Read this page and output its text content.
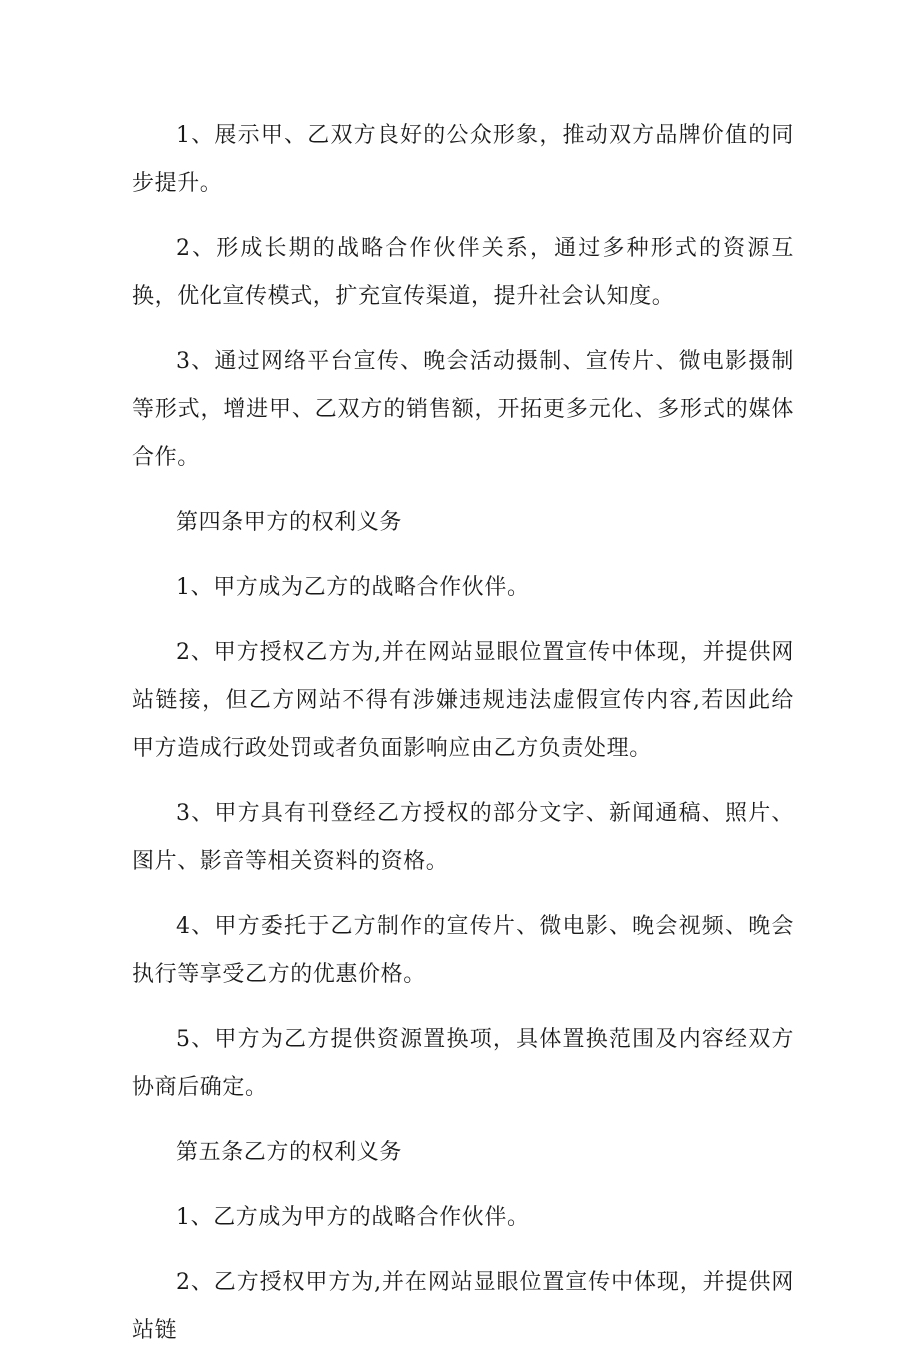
1、展示甲、乙双方良好的公众形象，推动双方品牌价值的同步提升。

2、形成长期的战略合作伙伴关系，通过多种形式的资源互换，优化宣传模式，扩充宣传渠道，提升社会认知度。

3、通过网络平台宣传、晚会活动摄制、宣传片、微电影摄制等形式，增进甲、乙双方的销售额，开拓更多元化、多形式的媒体合作。

第四条甲方的权利义务

1、甲方成为乙方的战略合作伙伴。

2、甲方授权乙方为,并在网站显眼位置宣传中体现，并提供网站链接，但乙方网站不得有涉嫌违规违法虚假宣传内容,若因此给甲方造成行政处罚或者负面影响应由乙方负责处理。

3、甲方具有刊登经乙方授权的部分文字、新闻通稿、照片、图片、影音等相关资料的资格。

4、甲方委托于乙方制作的宣传片、微电影、晚会视频、晚会执行等享受乙方的优惠价格。

5、甲方为乙方提供资源置换项，具体置换范围及内容经双方协商后确定。

第五条乙方的权利义务

1、乙方成为甲方的战略合作伙伴。

2、乙方授权甲方为,并在网站显眼位置宣传中体现，并提供网站链
